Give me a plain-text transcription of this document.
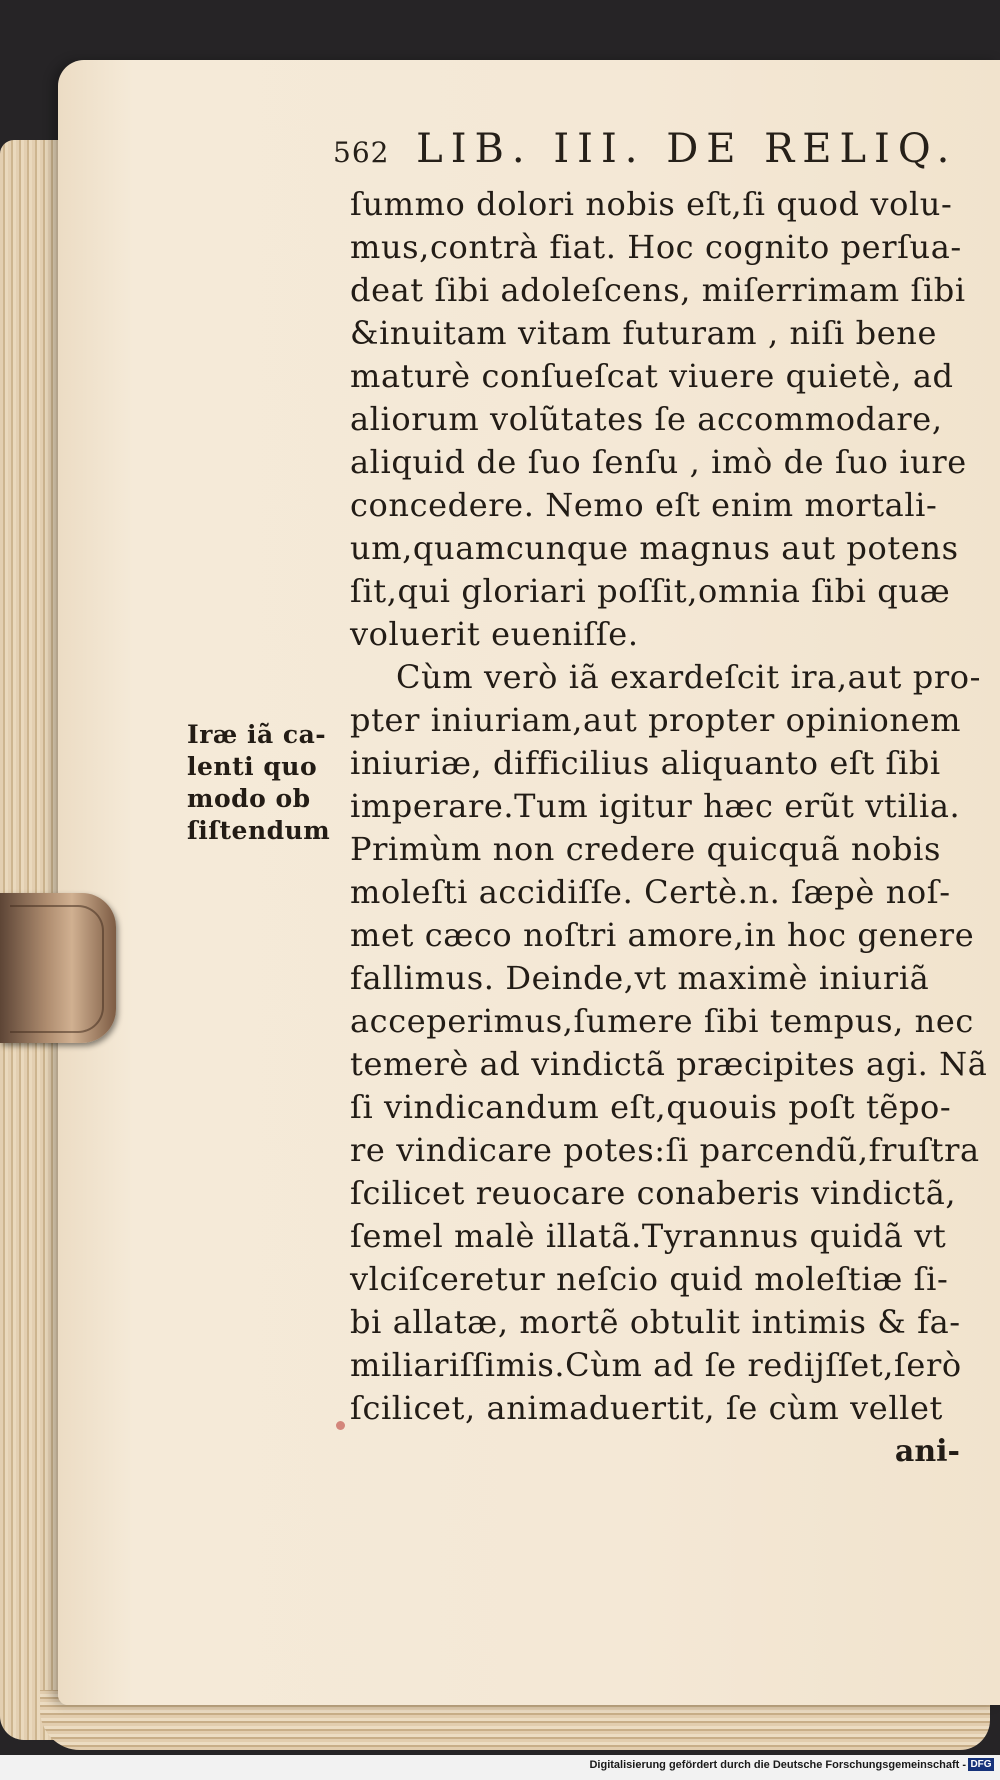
562 LIB. III. DE RELIQ.
Iræ iã ca-
lenti quo
modo ob
ſiſtendum
ſummo dolori nobis eſt,ſi quod volu-
mus,contrà fiat. Hoc cognito perſua-
deat ſibi adoleſcens, miſerrimam ſibi
&inuitam vitam futuram , niſi bene
maturè conſueſcat viuere quietè, ad
aliorum volũtates ſe accommodare,
aliquid de ſuo ſenſu , imò de ſuo iure
concedere. Nemo eſt enim mortali-
um,quamcunque magnus aut potens
ſit,qui gloriari poſſit,omnia ſibi quæ
voluerit eueniſſe.
Cùm verò iã exardeſcit ira,aut pro-
pter iniuriam,aut propter opinionem
iniuriæ, difficilius aliquanto eſt ſibi
imperare.Tum igitur hæc erũt vtilia.
Primùm non credere quicquã nobis
moleſti accidiſſe. Certè.n. ſæpè noſ-
met cæco noſtri amore,in hoc genere
fallimus. Deinde,vt maximè iniuriã
acceperimus,ſumere ſibi tempus, nec
temerè ad vindictã præcipites agi. Nã
ſi vindicandum eſt,quouis poſt tẽpo-
re vindicare potes:ſi parcendũ,fruſtra
ſcilicet reuocare conaberis vindictã,
ſemel malè illatã.Tyrannus quidã vt
vlciſceretur neſcio quid moleſtiæ ſi-
bi allatæ, mortẽ obtulit intimis & fa-
miliariſſimis.Cùm ad ſe redijſſet,ſerò
ſcilicet, animaduertit, ſe cùm vellet
ani-
Digitalisierung gefördert durch die Deutsche Forschungsgemeinschaft - DFG
